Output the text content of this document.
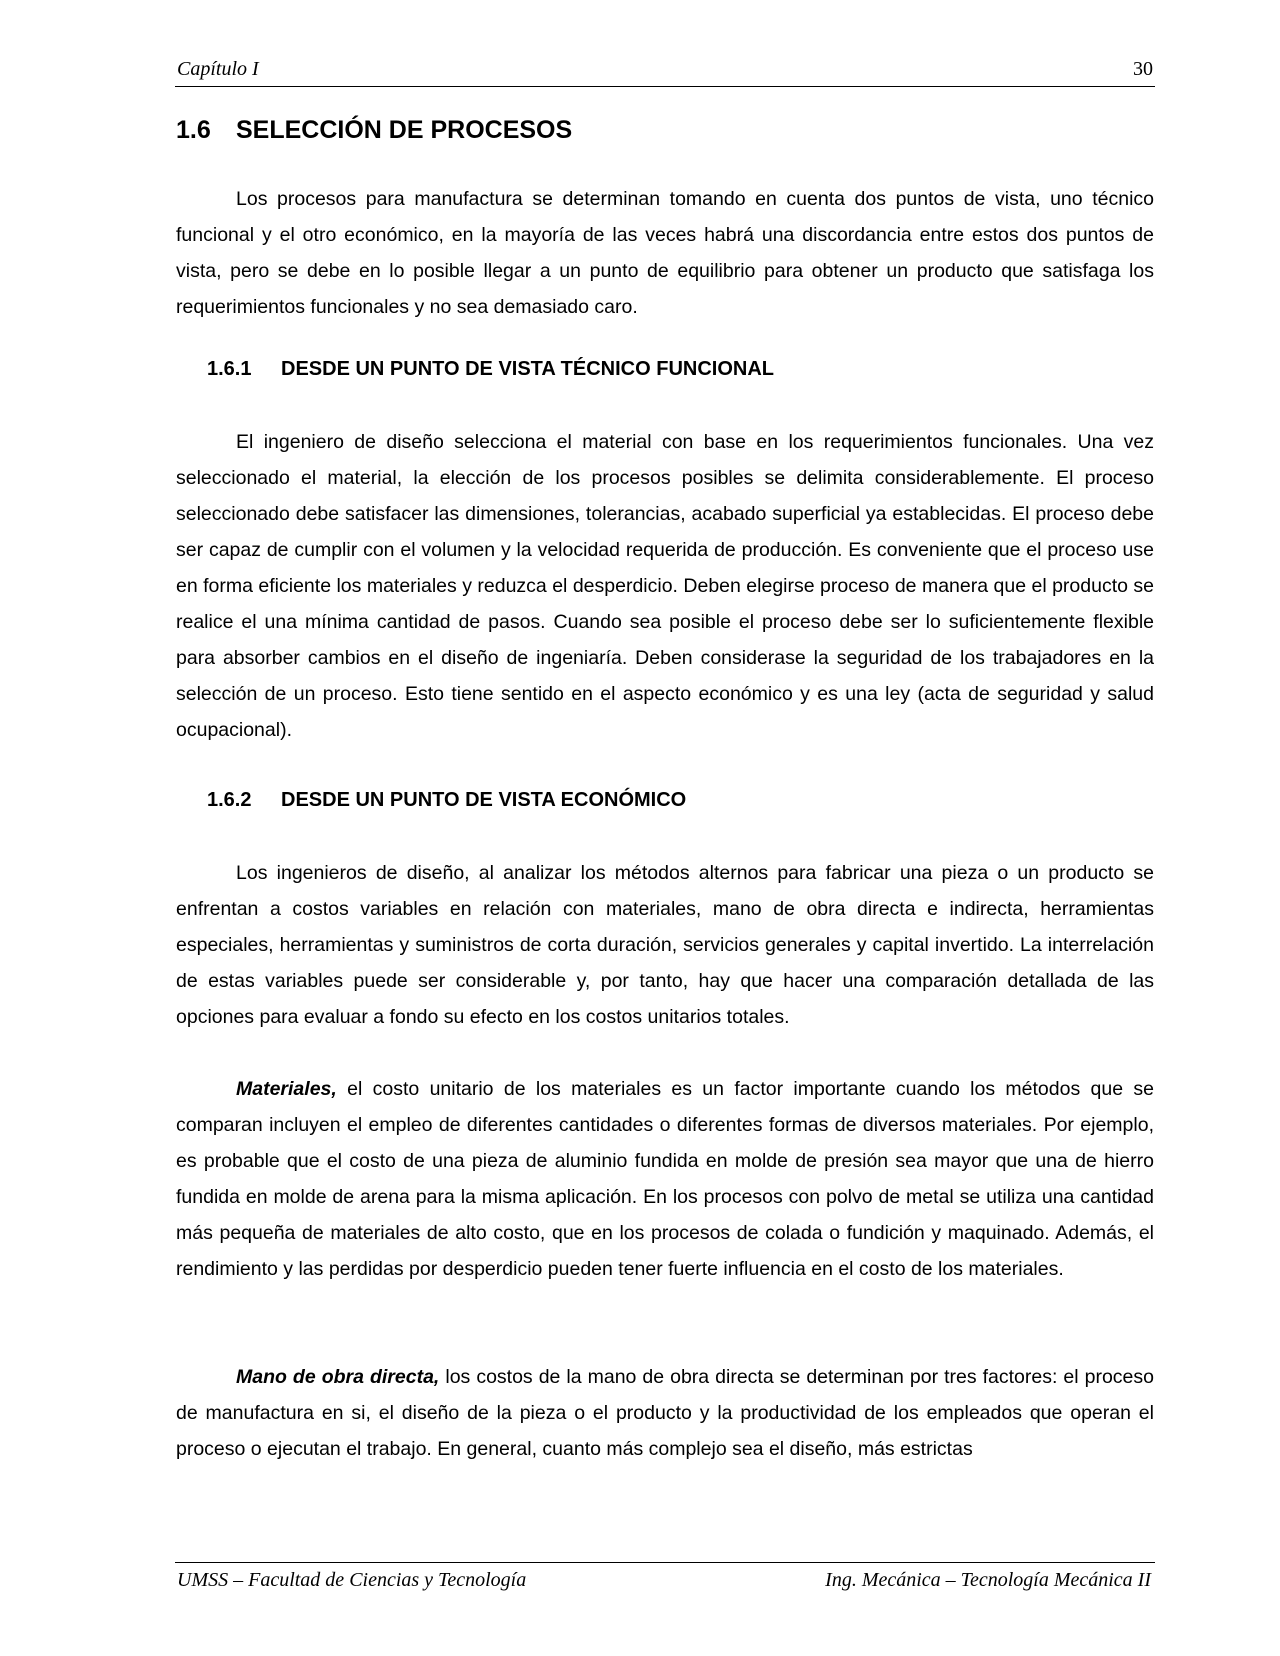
Capítulo I	30
1.6 SELECCIÓN DE PROCESOS

Los procesos para manufactura se determinan tomando en cuenta dos puntos de vista, uno técnico funcional y el otro económico, en la mayoría de las veces habrá una discordancia entre estos dos puntos de vista, pero se debe en lo posible llegar a un punto de equilibrio para obtener un producto que satisfaga los requerimientos funcionales y no sea demasiado caro.

1.6.1 DESDE UN PUNTO DE VISTA TÉCNICO FUNCIONAL

El ingeniero de diseño selecciona el material con base en los requerimientos funcionales. Una vez seleccionado el material, la elección de los procesos posibles se delimita considerablemente. El proceso seleccionado debe satisfacer las dimensiones, tolerancias, acabado superficial ya establecidas. El proceso debe ser capaz de cumplir con el volumen y la velocidad requerida de producción. Es conveniente que el proceso use en forma eficiente los materiales y reduzca el desperdicio. Deben elegirse proceso de manera que el producto se realice el una mínima cantidad de pasos. Cuando sea posible el proceso debe ser lo suficientemente flexible para absorber cambios en el diseño de ingeniaría. Deben considerase la seguridad de los trabajadores en la selección de un proceso. Esto tiene sentido en el aspecto económico y es una ley (acta de seguridad y salud ocupacional).

1.6.2 DESDE UN PUNTO DE VISTA ECONÓMICO

Los ingenieros de diseño, al analizar los métodos alternos para fabricar una pieza o un producto se enfrentan a costos variables en relación con materiales, mano de obra directa e indirecta, herramientas especiales, herramientas y suministros de corta duración, servicios generales y capital invertido. La interrelación de estas variables puede ser considerable y, por tanto, hay que hacer una comparación detallada de las opciones para evaluar a fondo su efecto en los costos unitarios totales.

Materiales, el costo unitario de los materiales es un factor importante cuando los métodos que se comparan incluyen el empleo de diferentes cantidades o diferentes formas de diversos materiales. Por ejemplo, es probable que el costo de una pieza de aluminio fundida en molde de presión sea mayor que una de hierro fundida en molde de arena para la misma aplicación. En los procesos con polvo de metal se utiliza una cantidad más pequeña de materiales de alto costo, que en los procesos de colada o fundición y maquinado. Además, el rendimiento y las perdidas por desperdicio pueden tener fuerte influencia en el costo de los materiales.

Mano de obra directa, los costos de la mano de obra directa se determinan por tres factores: el proceso de manufactura en si, el diseño de la pieza o el producto y la productividad de los empleados que operan el proceso o ejecutan el trabajo. En general, cuanto más complejo sea el diseño, más estrictas

UMSS – Facultad de Ciencias y Tecnología	Ing. Mecánica – Tecnología Mecánica II
